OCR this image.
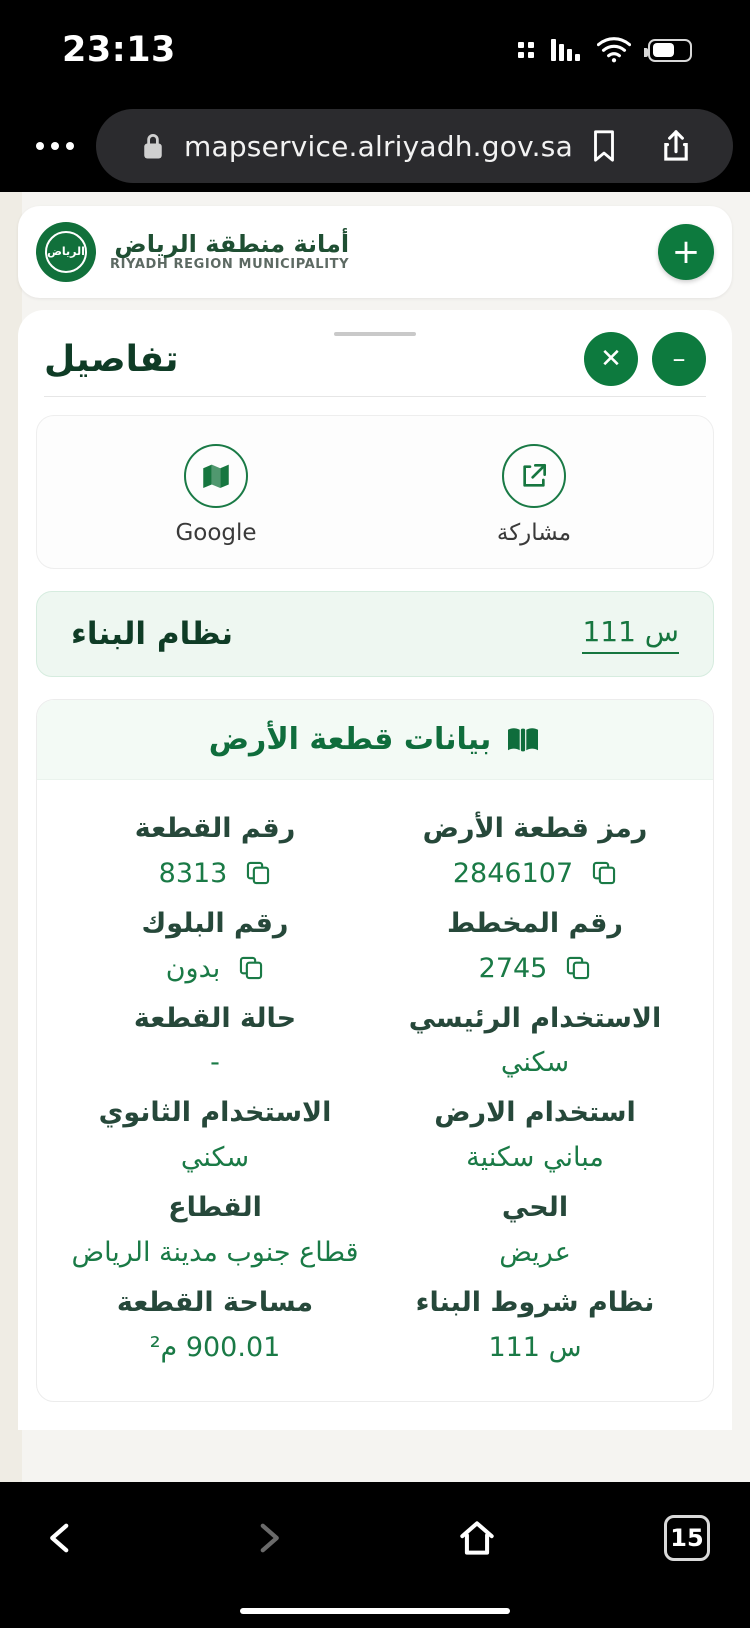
23:13
mapservice.alriyadh.gov.sa
الرياض أمانة منطقة الرياض
RIYADH REGION MUNICIPALITY	+
تفاصيل	✕	–
Google	مشاركة
نظام البناء	س 111
بيانات قطعة الأرض
رمز قطعة الأرض
2846107
رقم القطعة
8313
رقم المخطط
2745
رقم البلوك
بدون
الاستخدام الرئيسي
سكني
حالة القطعة
-
استخدام الارض
مباني سكنية
الاستخدام الثانوي
سكني
الحي
عريض
القطاع
قطاع جنوب مدينة الرياض
نظام شروط البناء
س 111
مساحة القطعة
900.01 م²
15
